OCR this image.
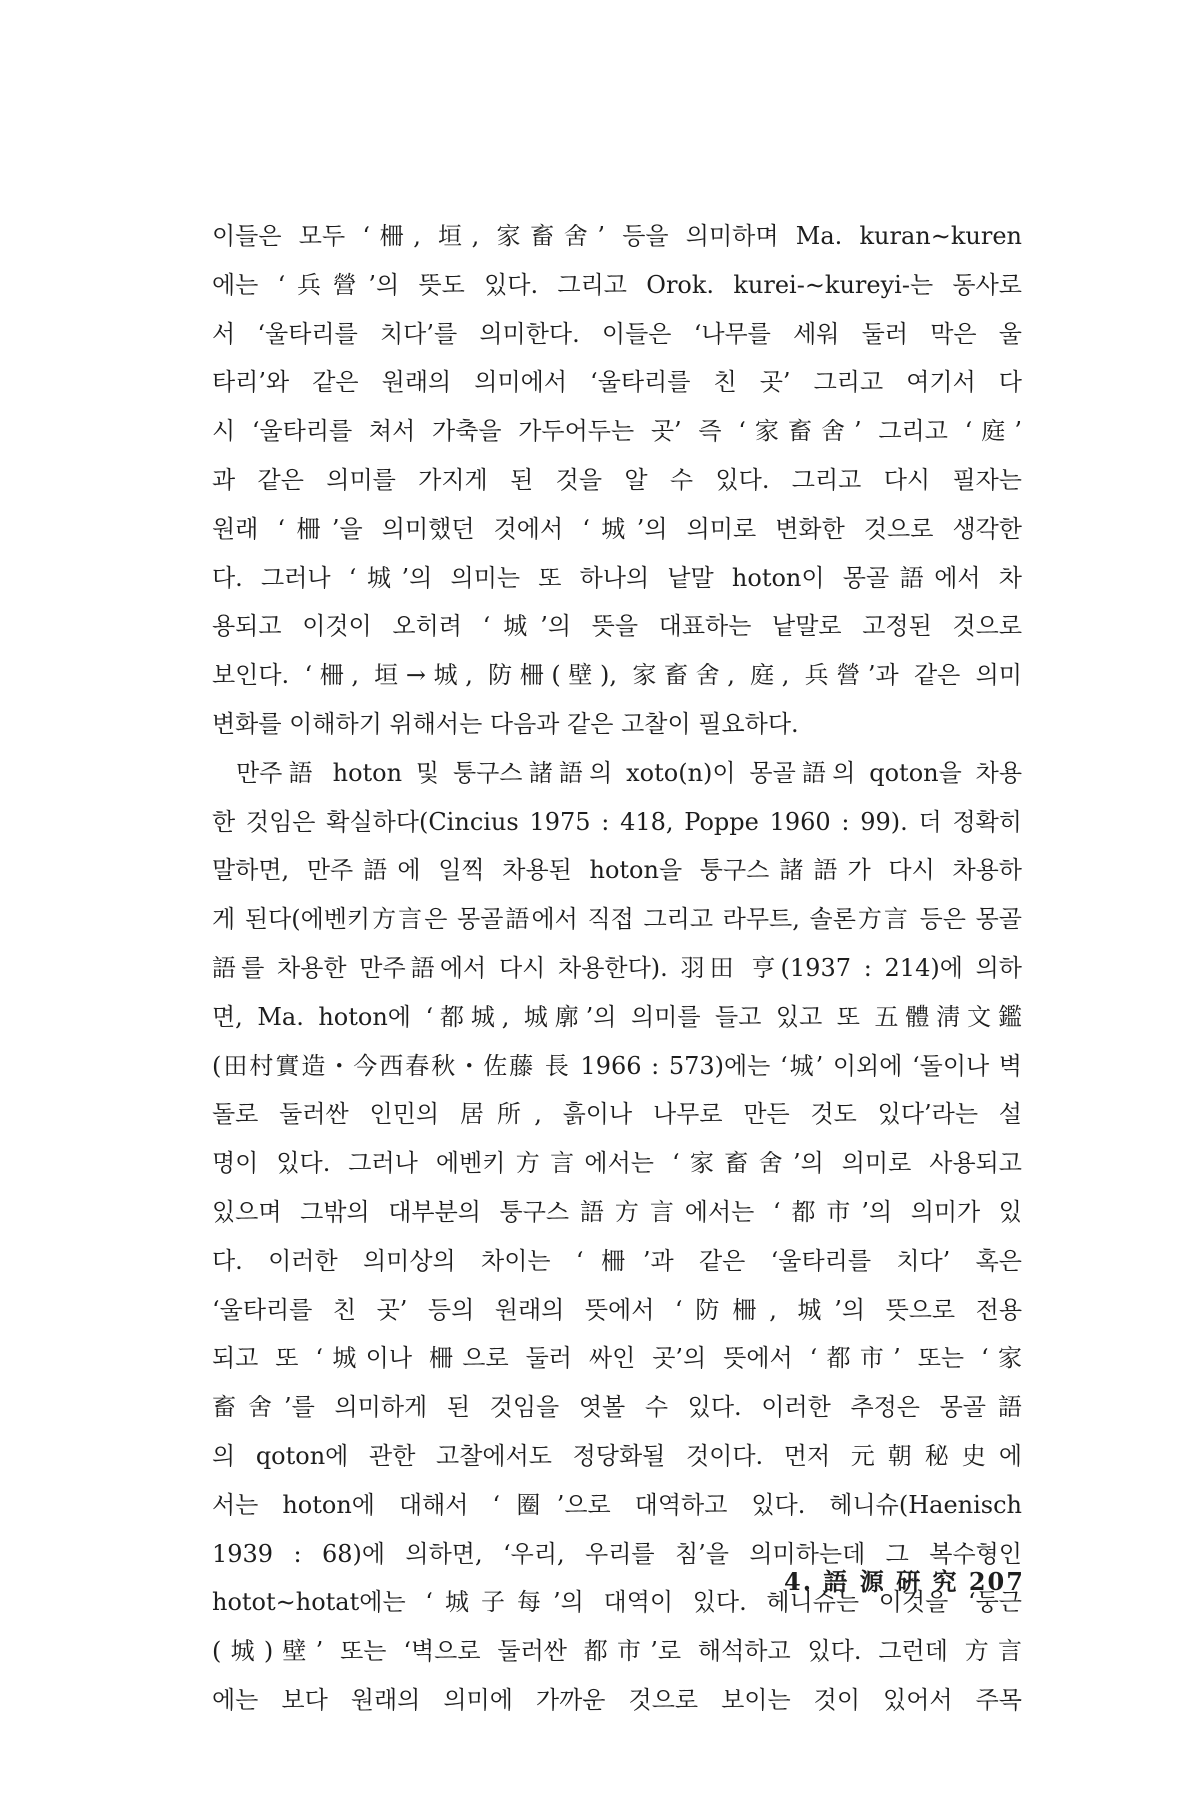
이들은 모두 ‘柵, 垣, 家畜舍’ 등을 의미하며 Ma. kuran∼kuren
에는 ‘兵營’의 뜻도 있다. 그리고 Orok. kurei-∼kureyi-는 동사로
서 ‘울타리를 치다’를 의미한다. 이들은 ‘나무를 세워 둘러 막은 울
타리’와 같은 원래의 의미에서 ‘울타리를 친 곳’ 그리고 여기서 다
시 ‘울타리를 쳐서 가축을 가두어두는 곳’ 즉 ‘家畜舍’ 그리고 ‘庭’
과 같은 의미를 가지게 된 것을 알 수 있다. 그리고 다시 필자는
원래 ‘柵’을 의미했던 것에서 ‘城’의 의미로 변화한 것으로 생각한
다. 그러나 ‘城’의 의미는 또 하나의 낱말 hoton이 몽골語에서 차
용되고 이것이 오히려 ‘城’의 뜻을 대표하는 낱말로 고정된 것으로
보인다. ‘柵, 垣→城, 防柵(壁), 家畜舍, 庭, 兵營’과 같은 의미
변화를 이해하기 위해서는 다음과 같은 고찰이 필요하다.
만주語 hoton 및 퉁구스諸語의 xoto(n)이 몽골語의 qoton을 차용
한 것임은 확실하다(Cincius 1975 : 418, Poppe 1960 : 99). 더 정확히
말하면, 만주語에 일찍 차용된 hoton을 퉁구스諸語가 다시 차용하
게 된다(에벤키方言은 몽골語에서 직접 그리고 라무트, 솔론方言 등은 몽골
語를 차용한 만주語에서 다시 차용한다). 羽田 亨(1937 : 214)에 의하
면, Ma. hoton에 ‘都城, 城廓’의 의미를 들고 있고 또 五體淸文鑑
(田村實造・今西春秋・佐藤 長 1966 : 573)에는 ‘城’ 이외에 ‘돌이나 벽
돌로 둘러싼 인민의 居所, 흙이나 나무로 만든 것도 있다’라는 설
명이 있다. 그러나 에벤키方言에서는 ‘家畜舍’의 의미로 사용되고
있으며 그밖의 대부분의 퉁구스語方言에서는 ‘都市’의 의미가 있
다. 이러한 의미상의 차이는 ‘柵’과 같은 ‘울타리를 치다’ 혹은
‘울타리를 친 곳’ 등의 원래의 뜻에서 ‘防柵, 城’의 뜻으로 전용
되고 또 ‘城이나 柵으로 둘러 싸인 곳’의 뜻에서 ‘都市’ 또는 ‘家
畜舍’를 의미하게 된 것임을 엿볼 수 있다. 이러한 추정은 몽골語
의 qoton에 관한 고찰에서도 정당화될 것이다. 먼저 元朝秘史에
서는 hoton에 대해서 ‘圈’으로 대역하고 있다. 헤니슈(Haenisch
1939 : 68)에 의하면, ‘우리, 우리를 침’을 의미하는데 그 복수형인
hotot∼hotat에는 ‘城子每’의 대역이 있다. 헤니슈는 이것을 ‘둥근
(城)壁’ 또는 ‘벽으로 둘러싼 都市’로 해석하고 있다. 그런데 方言
에는 보다 원래의 의미에 가까운 것으로 보이는 것이 있어서 주목
4. 語 源 硏 究 207
